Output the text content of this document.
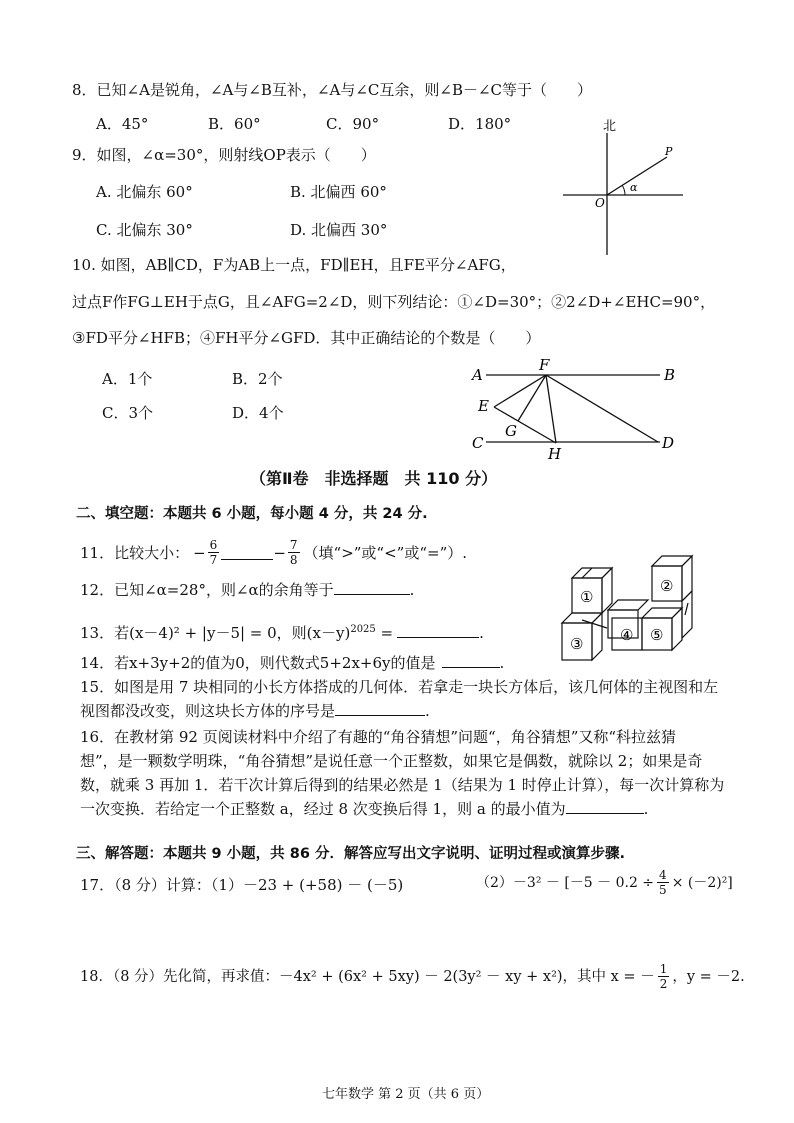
8．已知∠A是锐角，∠A与∠B互补，∠A与∠C互余，则∠B－∠C等于（　　）
A．45°	B．60°	C．90°	D．180°
9．如图，∠α=30°，则射线OP表示（　　）
A. 北偏东 60°	B. 北偏西 60°
C. 北偏东 30°	D. 北偏西 30°
北
P
O
α
10. 如图，AB∥CD，F为AB上一点，FD∥EH，且FE平分∠AFG，
过点F作FG⊥EH于点G，且∠AFG=2∠D，则下列结论：①∠D=30°；②2∠D+∠EHC=90°，
③FD平分∠HFB；④FH平分∠GFD．其中正确结论的个数是（　　）
A．1个	B．2个
C．3个	D．4个
A	B
C	D
E
F
G
H
（第Ⅱ卷　非选择题　共 110 分）
二、填空题：本题共 6 小题，每小题 4 分，共 24 分.
11．比较大小： − $\frac{6}{7}$	− $\frac{7}{8}$ （填“>”或“<”或“=”）.
12．已知∠α=28°，则∠α的余角等于	.
13．若(x－4)² + |y－5| = 0，则$(x-y)^{2025}$ =	.
14．若x+3y+2的值为0，则代数式5+2x+6y的值是	.
①
②
③ ④ ⑤
15．如图是用 7 块相同的小长方体搭成的几何体．若拿走一块长方体后，该几何体的主视图和左
视图都没改变，则这块长方体的序号是	.
16．在教材第 92 页阅读材料中介绍了有趣的“角谷猜想”问题“，角谷猜想”又称“科拉兹猜
想”，是一颗数学明珠，“角谷猜想”是说任意一个正整数，如果它是偶数，就除以 2；如果是奇
数，就乘 3 再加 1．若干次计算后得到的结果必然是 1（结果为 1 时停止计算），每一次计算称为
一次变换．若给定一个正整数 a，经过 8 次变换后得 1，则 a 的最小值为	.
三、解答题：本题共 9 小题，共 86 分．解答应写出文字说明、证明过程或演算步骤.
17．（8 分）计算：（1）－23 + (+58) － (－5)	$(2)-3^2 - [-5 - 0.2 \div \frac{4}{5} \times (-2)^2]$
18．（8 分）先化简，再求值：－4x² + (6x² + 5xy) － 2(3y² － xy + x²)，其中 x = － $\frac{1}{2}$ ，y = －2.
七年数学 第 2 页（共 6 页）
